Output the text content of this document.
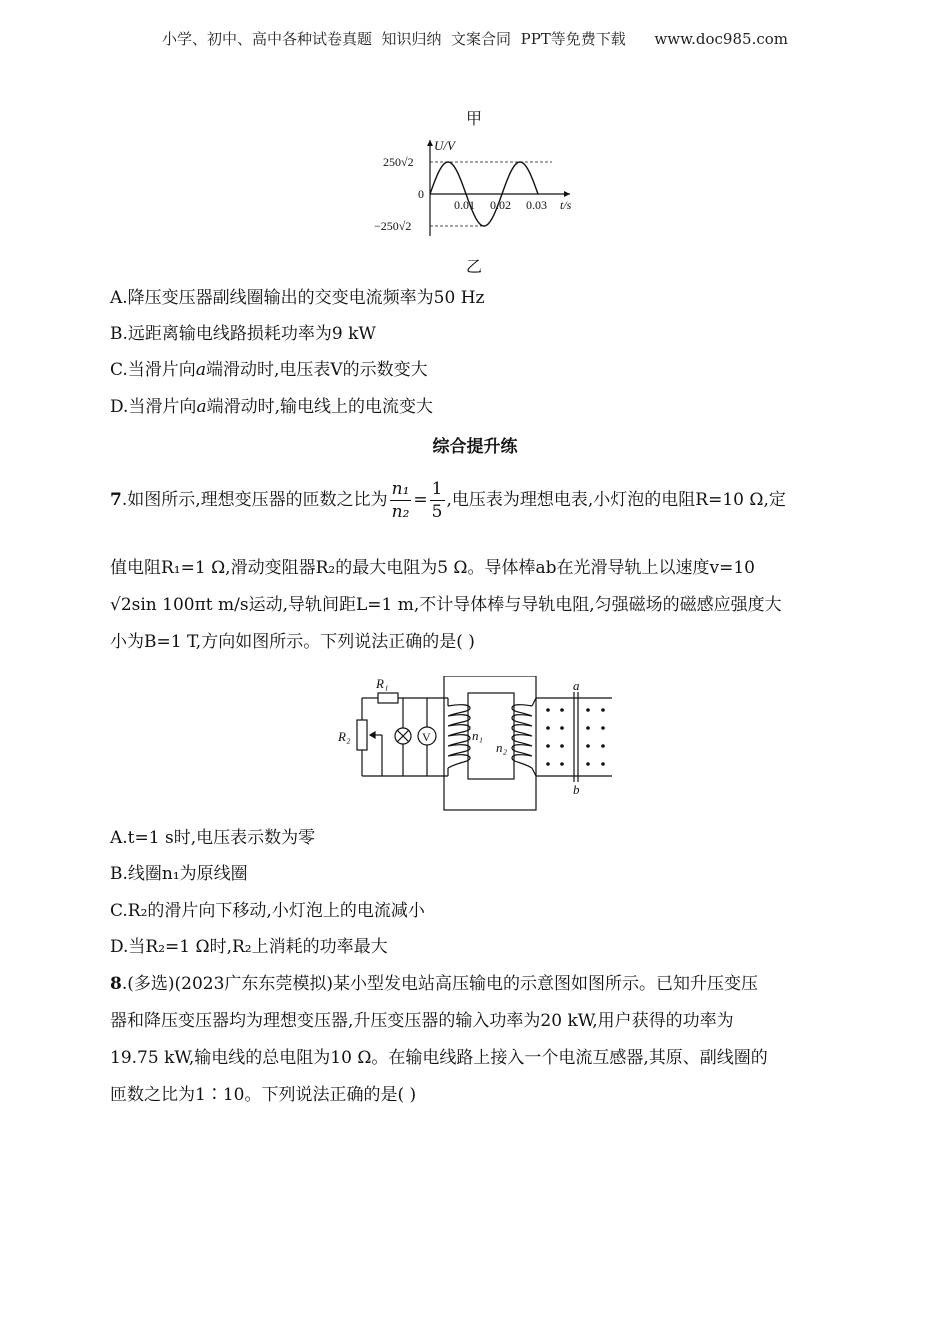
小学、初中、高中各种试卷真题  知识归纳  文案合同  PPT等免费下载      www.doc985.com
甲
U/V
250√2
−250√2
0
0.01 0.02 0.03 t/s
乙
A.降压变压器副线圈输出的交变电流频率为50 Hz
B.远距离输电线路损耗功率为9 kW
C.当滑片向a端滑动时,电压表V的示数变大
D.当滑片向a端滑动时,输电线上的电流变大
综合提升练
7.如图所示,理想变压器的匝数之比为 $\frac{\text{n₁}}{\text{n₂}} = \frac{1}{5}$ ,电压表为理想电表,小灯泡的电阻R=10 Ω,定
值电阻R₁=1 Ω,滑动变阻器R₂的最大电阻为5 Ω。导体棒ab在光滑导轨上以速度v=10
√2sin 100πt m/s运动,导轨间距L=1 m,不计导体棒与导轨电阻,匀强磁场的磁感应强度大
小为B=1 T,方向如图所示。下列说法正确的是( )
R₁
R₂	V	n₁
n₂
a
b
A.t=1 s时,电压表示数为零
B.线圈n₁为原线圈
C.R₂的滑片向下移动,小灯泡上的电流减小
D.当R₂=1 Ω时,R₂上消耗的功率最大
8.(多选)(2023广东东莞模拟)某小型发电站高压输电的示意图如图所示。已知升压变压
器和降压变压器均为理想变压器,升压变压器的输入功率为20 kW,用户获得的功率为
19.75 kW,输电线的总电阻为10 Ω。在输电线路上接入一个电流互感器,其原、副线圈的
匝数之比为1∶10。下列说法正确的是( )
